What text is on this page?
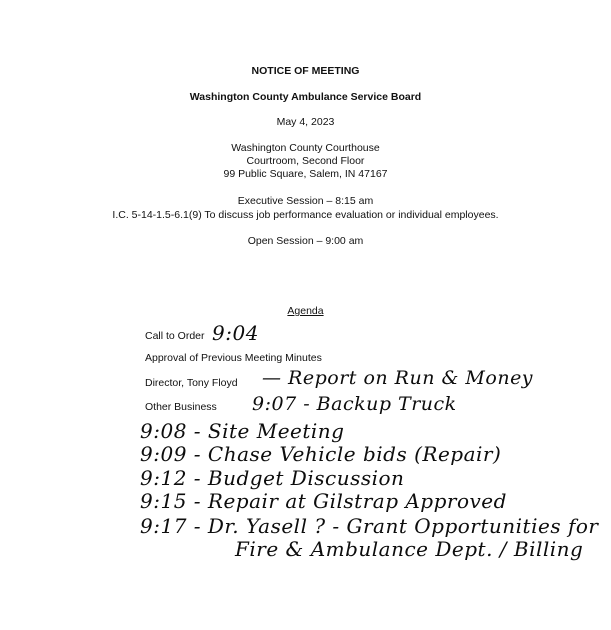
NOTICE OF MEETING
Washington County Ambulance Service Board
May 4, 2023
Washington County Courthouse
Courtroom, Second Floor
99 Public Square, Salem, IN 47167
Executive Session – 8:15 am
I.C. 5-14-1.5-6.1(9) To discuss job performance evaluation or individual employees.
Open Session – 9:00 am
Agenda
Call to Order 9:04
Approval of Previous Meeting Minutes
Director, Tony Floyd — Report on Run & Money
Other Business 9:07 - Backup Truck
9:08 - Site Meeting
9:09 - Chase Vehicle bids (Repair)
9:12 - Budget Discussion
9:15 - Repair at Gilstrap Approved
9:17 - Dr. Yasell ? - Grant Opportunities for
Fire & Ambulance Dept. / Billing
